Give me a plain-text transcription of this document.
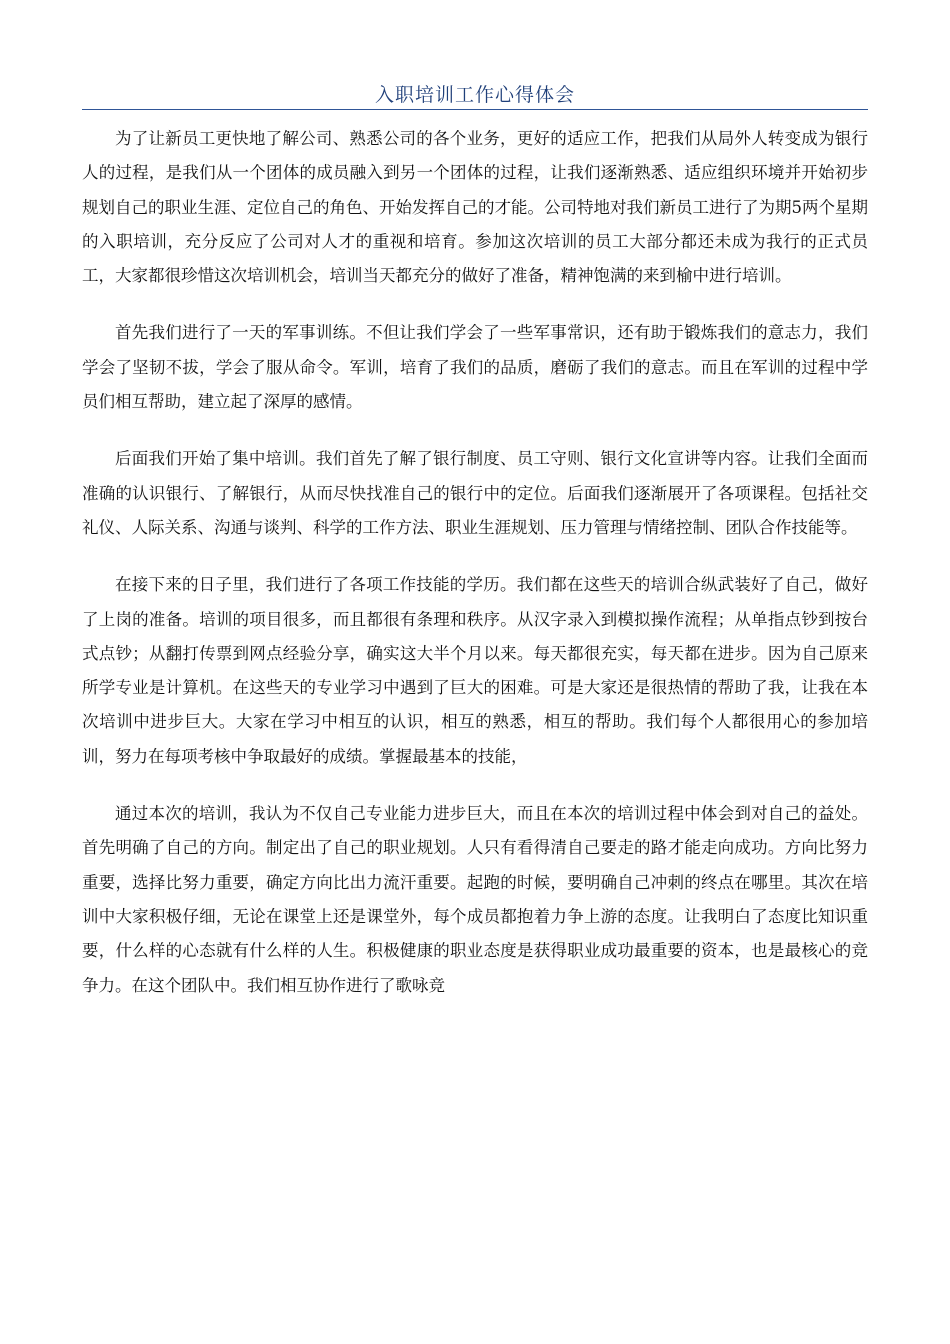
入职培训工作心得体会

为了让新员工更快地了解公司、熟悉公司的各个业务，更好的适应工作，把我们从局外人转变成为银行人的过程，是我们从一个团体的成员融入到另一个团体的过程，让我们逐渐熟悉、适应组织环境并开始初步规划自己的职业生涯、定位自己的角色、开始发挥自己的才能。公司特地对我们新员工进行了为期5两个星期的入职培训，充分反应了公司对人才的重视和培育。参加这次培训的员工大部分都还未成为我行的正式员工，大家都很珍惜这次培训机会，培训当天都充分的做好了准备，精神饱满的来到榆中进行培训。

首先我们进行了一天的军事训练。不但让我们学会了一些军事常识，还有助于锻炼我们的意志力，我们学会了坚韧不拔，学会了服从命令。军训，培育了我们的品质，磨砺了我们的意志。而且在军训的过程中学员们相互帮助，建立起了深厚的感情。

后面我们开始了集中培训。我们首先了解了银行制度、员工守则、银行文化宣讲等内容。让我们全面而准确的认识银行、了解银行，从而尽快找准自己的银行中的定位。后面我们逐渐展开了各项课程。包括社交礼仪、人际关系、沟通与谈判、科学的工作方法、职业生涯规划、压力管理与情绪控制、团队合作技能等。

在接下来的日子里，我们进行了各项工作技能的学历。我们都在这些天的培训合纵武装好了自己，做好了上岗的准备。培训的项目很多，而且都很有条理和秩序。从汉字录入到模拟操作流程；从单指点钞到按台式点钞；从翻打传票到网点经验分享，确实这大半个月以来。每天都很充实，每天都在进步。因为自己原来所学专业是计算机。在这些天的专业学习中遇到了巨大的困难。可是大家还是很热情的帮助了我，让我在本次培训中进步巨大。大家在学习中相互的认识，相互的熟悉，相互的帮助。我们每个人都很用心的参加培训，努力在每项考核中争取最好的成绩。掌握最基本的技能，

通过本次的培训，我认为不仅自己专业能力进步巨大，而且在本次的培训过程中体会到对自己的益处。首先明确了自己的方向。制定出了自己的职业规划。人只有看得清自己要走的路才能走向成功。方向比努力重要，选择比努力重要，确定方向比出力流汗重要。起跑的时候，要明确自己冲刺的终点在哪里。其次在培训中大家积极仔细，无论在课堂上还是课堂外，每个成员都抱着力争上游的态度。让我明白了态度比知识重要，什么样的心态就有什么样的人生。积极健康的职业态度是获得职业成功最重要的资本，也是最核心的竞争力。在这个团队中。我们相互协作进行了歌咏竞
